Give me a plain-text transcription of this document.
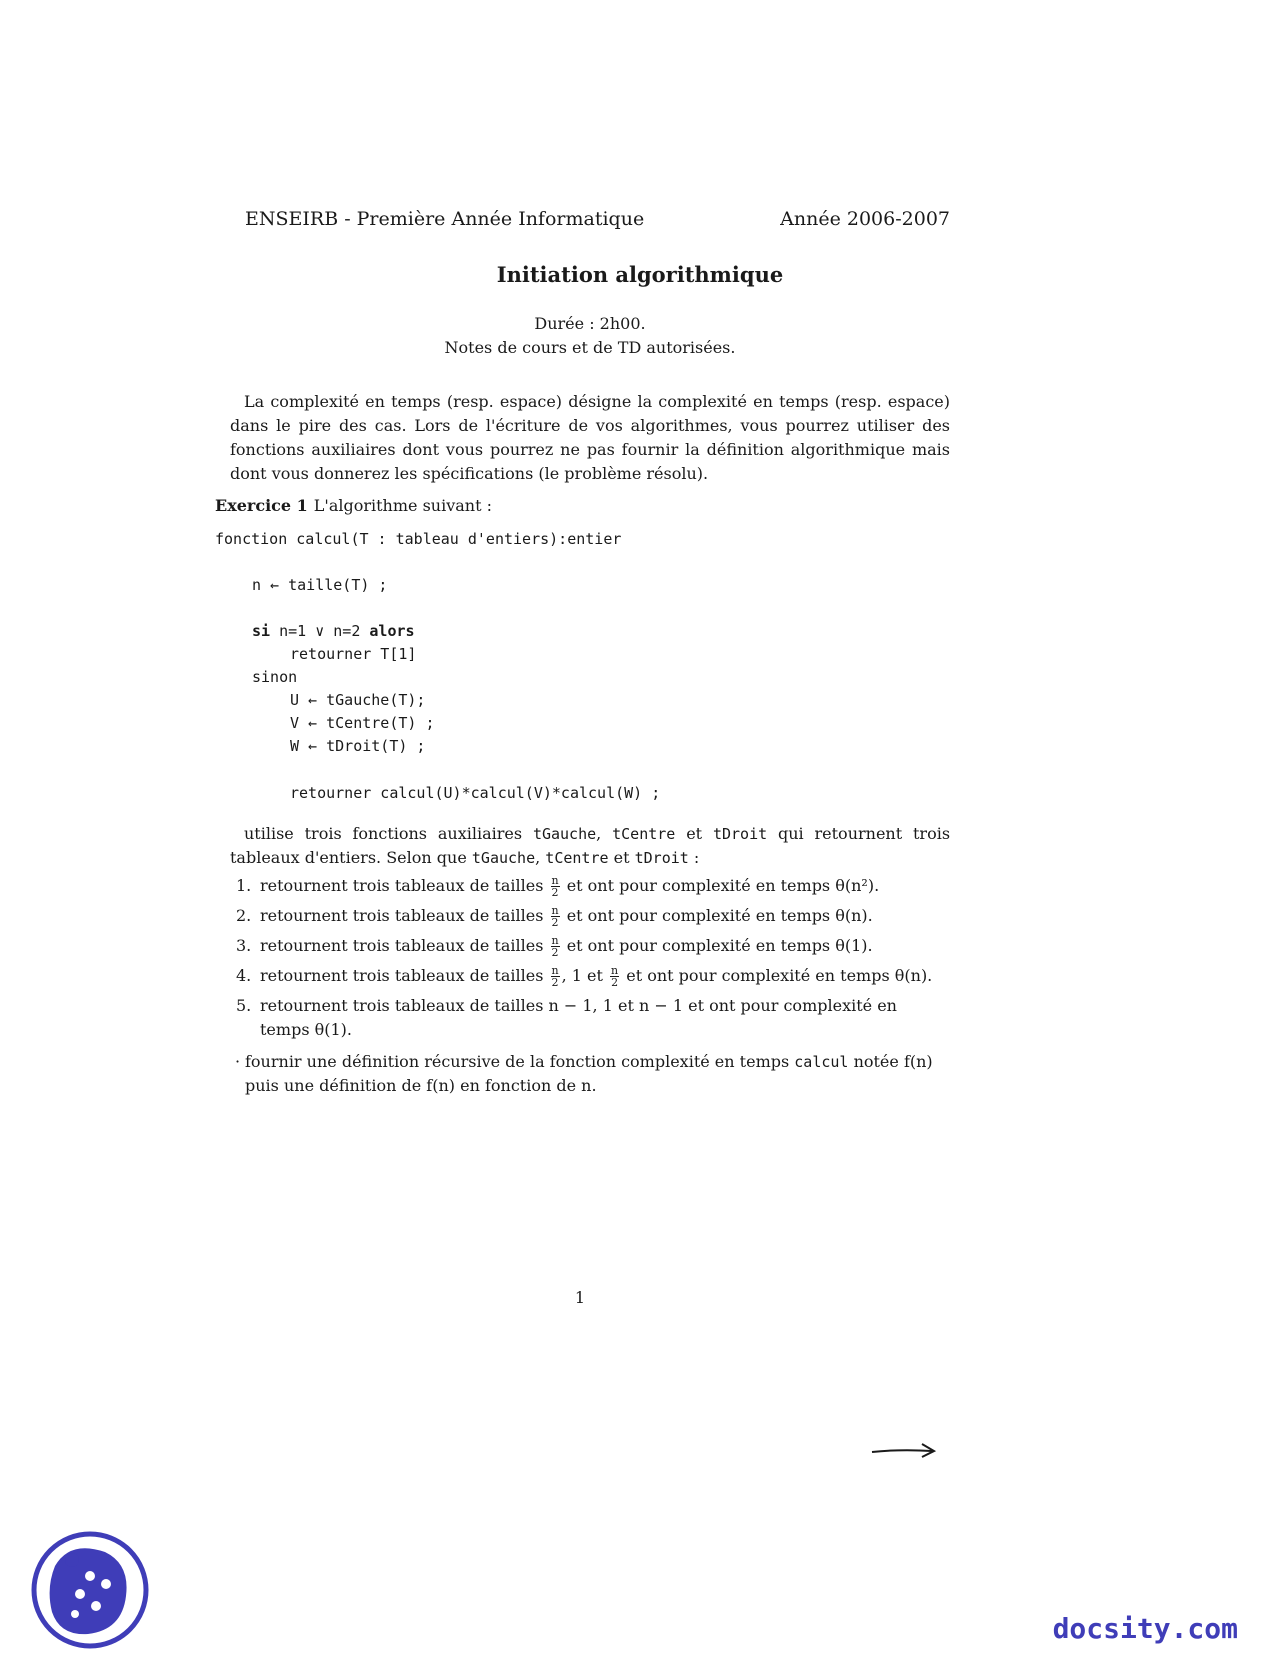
ENSEIRB - Première Année Informatique	Année 2006-2007
Initiation algorithmique
Durée : 2h00.
Notes de cours et de TD autorisées.
La complexité en temps (resp. espace) désigne la complexité en temps (resp. espace) dans le pire des cas. Lors de l'écriture de vos algorithmes, vous pourrez utiliser des fonctions auxiliaires dont vous pourrez ne pas fournir la définition algorithmique mais dont vous donnerez les spécifications (le problème résolu).
Exercice 1 L'algorithme suivant :
fonction calcul(T : tableau d'entiers):entier
n ← taille(T) ;
si n=1 ∨ n=2 alors
retourner T[1]
sinon
U ← tGauche(T);
V ← tCentre(T) ;
W ← tDroit(T) ;
retourner calcul(U)*calcul(V)*calcul(W) ;
utilise trois fonctions auxiliaires tGauche, tCentre et tDroit qui retournent trois tableaux d'entiers. Selon que tGauche, tCentre et tDroit :
1. retournent trois tableaux de tailles $\frac{n}{2}$ et ont pour complexité en temps θ(n²).
2. retournent trois tableaux de tailles $\frac{n}{2}$ et ont pour complexité en temps θ(n).
3. retournent trois tableaux de tailles $\frac{n}{2}$ et ont pour complexité en temps θ(1).
4. retournent trois tableaux de tailles $\frac{n}{2}$ , 1 et $\frac{n}{2}$ et ont pour complexité en temps θ(n).
5. retournent trois tableaux de tailles n − 1, 1 et n − 1 et ont pour complexité en temps θ(1).
· fournir une définition récursive de la fonction complexité en temps calcul notée f(n) puis une définition de f(n) en fonction de n.
1
docsity.com
